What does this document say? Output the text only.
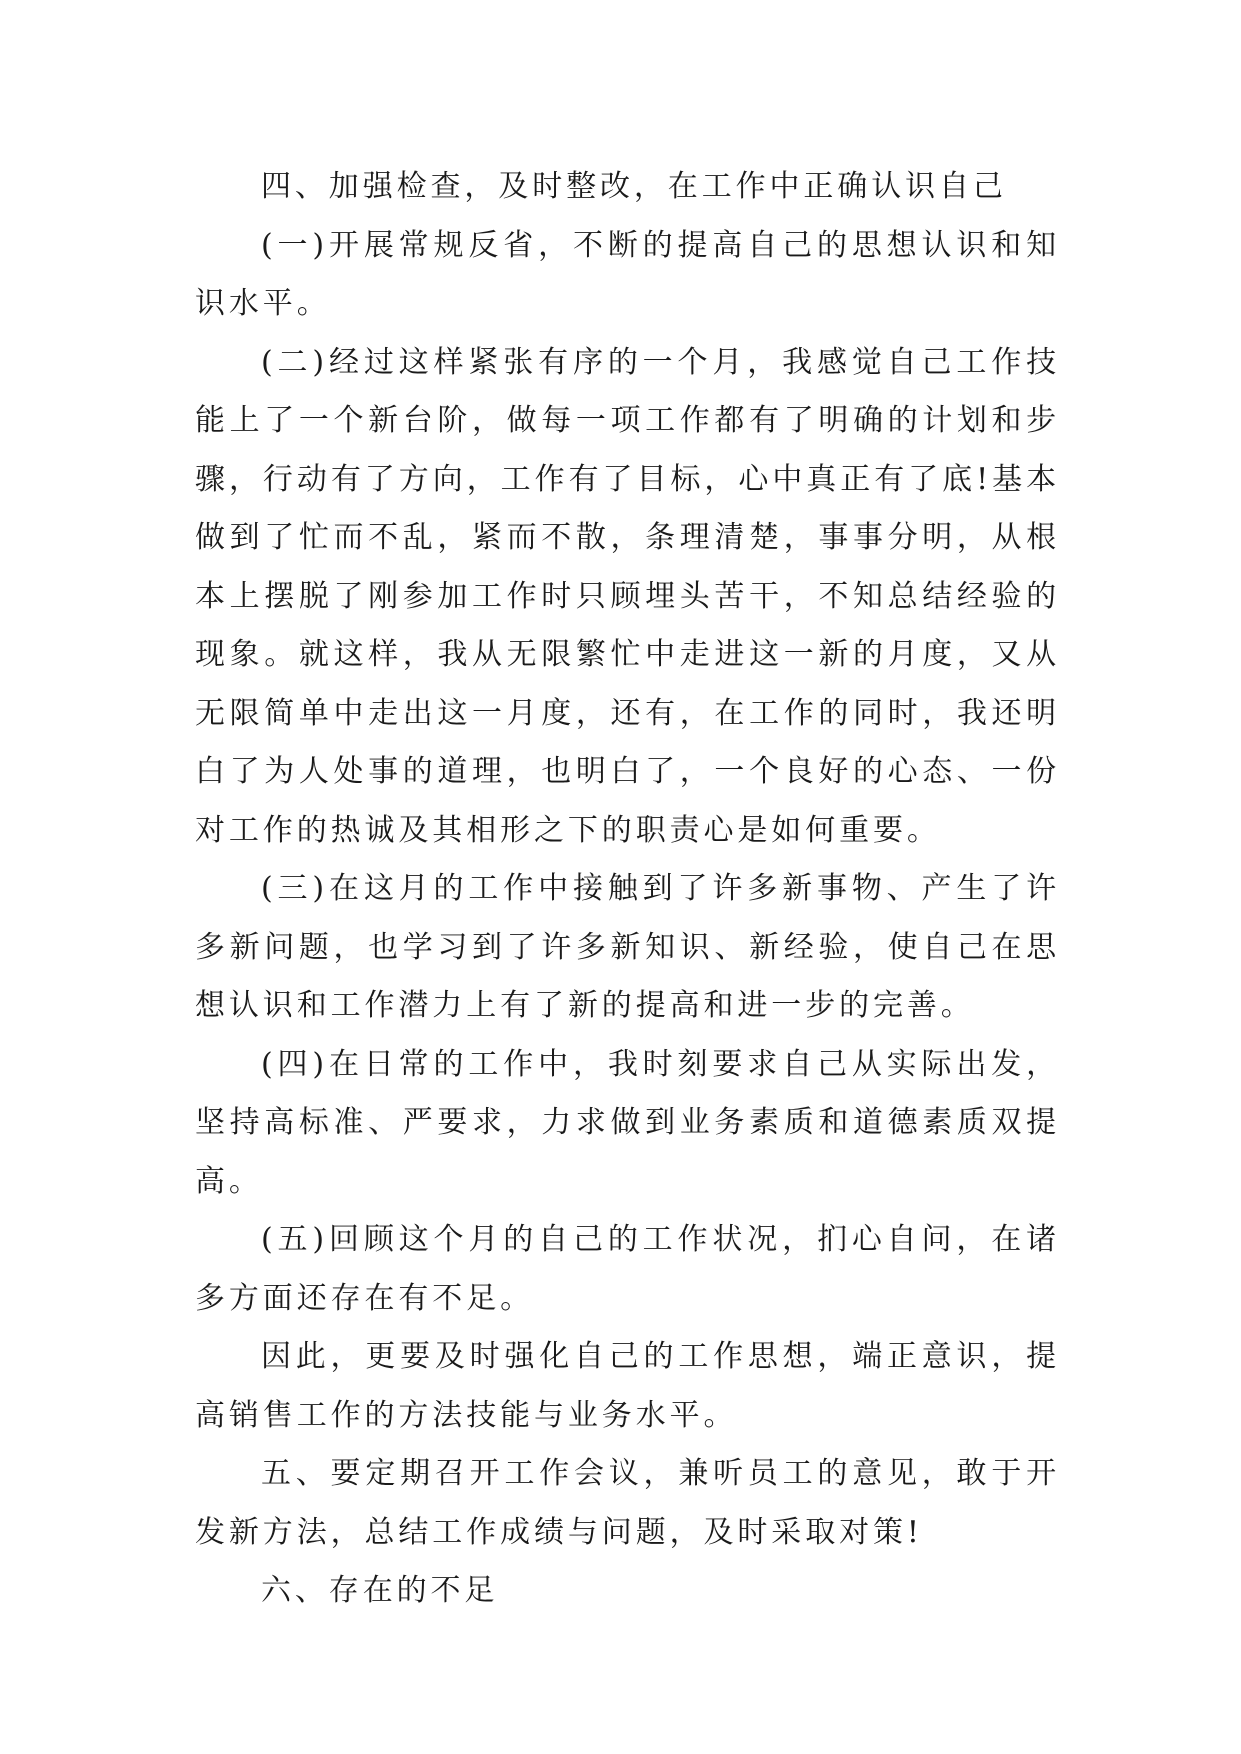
四、加强检查，及时整改，在工作中正确认识自己

(一)开展常规反省，不断的提高自己的思想认识和知识水平。

(二)经过这样紧张有序的一个月，我感觉自己工作技能上了一个新台阶，做每一项工作都有了明确的计划和步骤，行动有了方向，工作有了目标，心中真正有了底!基本做到了忙而不乱，紧而不散，条理清楚，事事分明，从根本上摆脱了刚参加工作时只顾埋头苦干，不知总结经验的现象。就这样，我从无限繁忙中走进这一新的月度，又从无限简单中走出这一月度，还有，在工作的同时，我还明白了为人处事的道理，也明白了，一个良好的心态、一份对工作的热诚及其相形之下的职责心是如何重要。

(三)在这月的工作中接触到了许多新事物、产生了许多新问题，也学习到了许多新知识、新经验，使自己在思想认识和工作潜力上有了新的提高和进一步的完善。

(四)在日常的工作中，我时刻要求自己从实际出发，坚持高标准、严要求，力求做到业务素质和道德素质双提高。

(五)回顾这个月的自己的工作状况，扪心自问，在诸多方面还存在有不足。

因此，更要及时强化自己的工作思想，端正意识，提高销售工作的方法技能与业务水平。

五、要定期召开工作会议，兼听员工的意见，敢于开发新方法，总结工作成绩与问题，及时采取对策!

六、存在的不足
